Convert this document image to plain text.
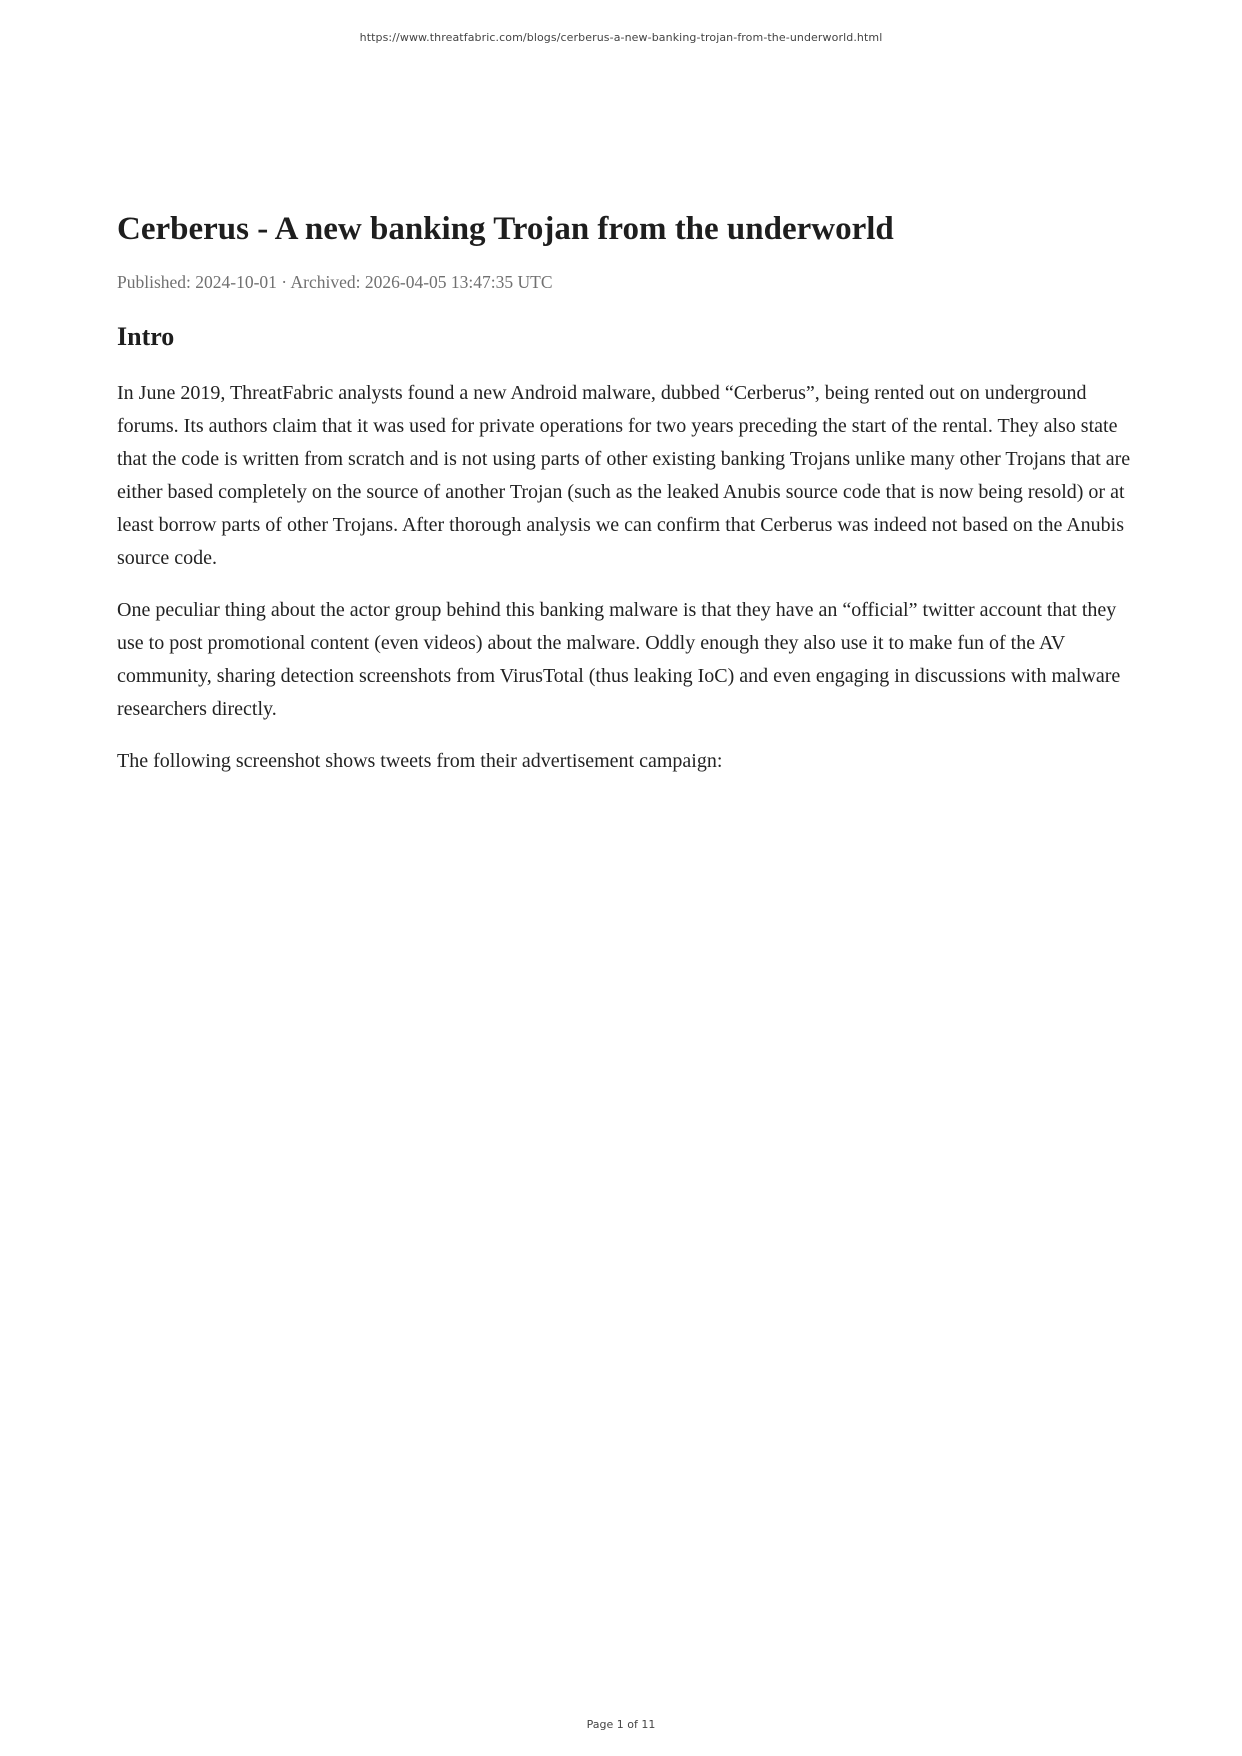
https://www.threatfabric.com/blogs/cerberus-a-new-banking-trojan-from-the-underworld.html
Cerberus - A new banking Trojan from the underworld

Published: 2024-10-01 · Archived: 2026-04-05 13:47:35 UTC

Intro

In June 2019, ThreatFabric analysts found a new Android malware, dubbed “Cerberus”, being rented out on underground forums. Its authors claim that it was used for private operations for two years preceding the start of the rental. They also state that the code is written from scratch and is not using parts of other existing banking Trojans unlike many other Trojans that are either based completely on the source of another Trojan (such as the leaked Anubis source code that is now being resold) or at least borrow parts of other Trojans. After thorough analysis we can confirm that Cerberus was indeed not based on the Anubis source code.

One peculiar thing about the actor group behind this banking malware is that they have an “official” twitter account that they use to post promotional content (even videos) about the malware. Oddly enough they also use it to make fun of the AV community, sharing detection screenshots from VirusTotal (thus leaking IoC) and even engaging in discussions with malware researchers directly.

The following screenshot shows tweets from their advertisement campaign:

Page 1 of 11
